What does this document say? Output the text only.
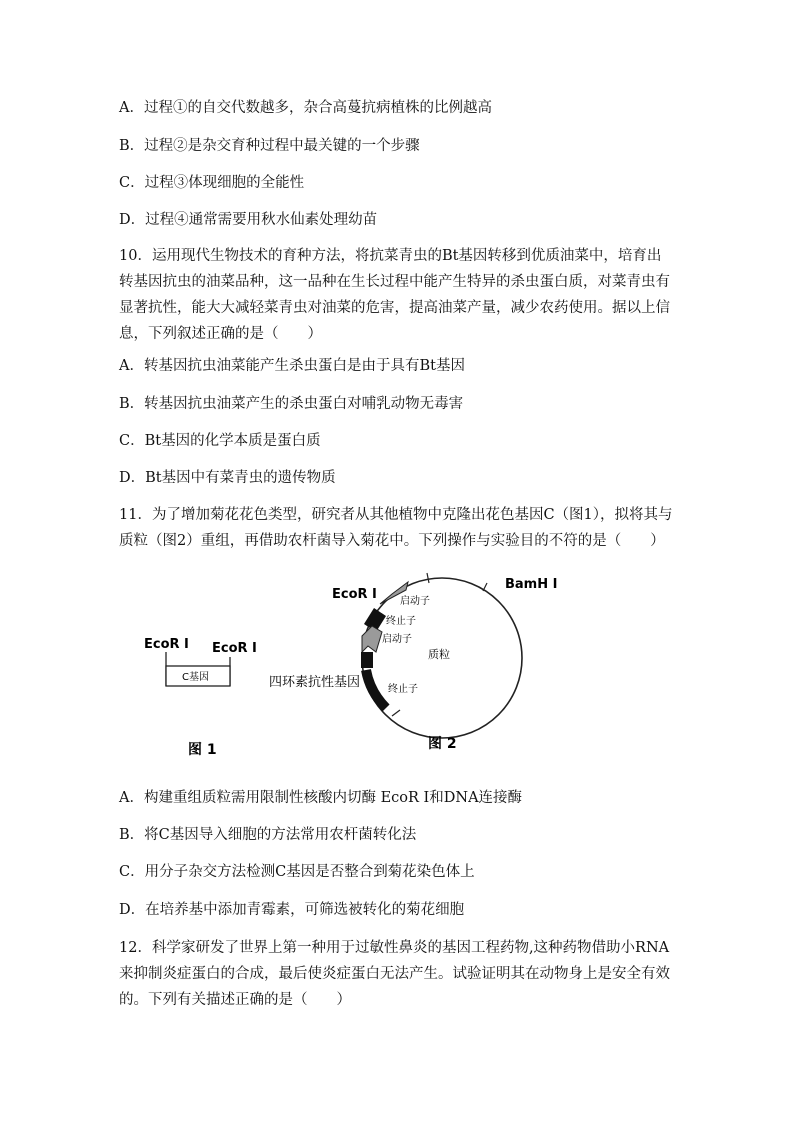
A．过程①的自交代数越多，杂合高蔓抗病植株的比例越高
B．过程②是杂交育种过程中最关键的一个步骤
C．过程③体现细胞的全能性
D．过程④通常需要用秋水仙素处理幼苗
10．运用现代生物技术的育种方法，将抗菜青虫的Bt基因转移到优质油菜中，培育出
转基因抗虫的油菜品种，这一品种在生长过程中能产生特异的杀虫蛋白质，对菜青虫有
显著抗性，能大大减轻菜青虫对油菜的危害，提高油菜产量，减少农药使用。据以上信
息，下列叙述正确的是（　　）
A．转基因抗虫油菜能产生杀虫蛋白是由于具有Bt基因
B．转基因抗虫油菜产生的杀虫蛋白对哺乳动物无毒害
C．Bt基因的化学本质是蛋白质
D．Bt基因中有菜青虫的遗传物质
11．为了增加菊花花色类型，研究者从其他植物中克隆出花色基因C（图1），拟将其与
质粒（图2）重组，再借助农杆菌导入菊花中。下列操作与实验目的不符的是（　　）
EcoR I EcoR I
C基因
图 1
EcoR I
BamH I
启动子
终止子
启动子
质粒
四环素抗性基因	终止子
图 2
A．构建重组质粒需用限制性核酸内切酶 EcoR I和DNA连接酶
B．将C基因导入细胞的方法常用农杆菌转化法
C．用分子杂交方法检测C基因是否整合到菊花染色体上
D．在培养基中添加青霉素，可筛选被转化的菊花细胞
12．科学家研发了世界上第一种用于过敏性鼻炎的基因工程药物,这种药物借助小RNA
来抑制炎症蛋白的合成，最后使炎症蛋白无法产生。试验证明其在动物身上是安全有效
的。下列有关描述正确的是（　　）
